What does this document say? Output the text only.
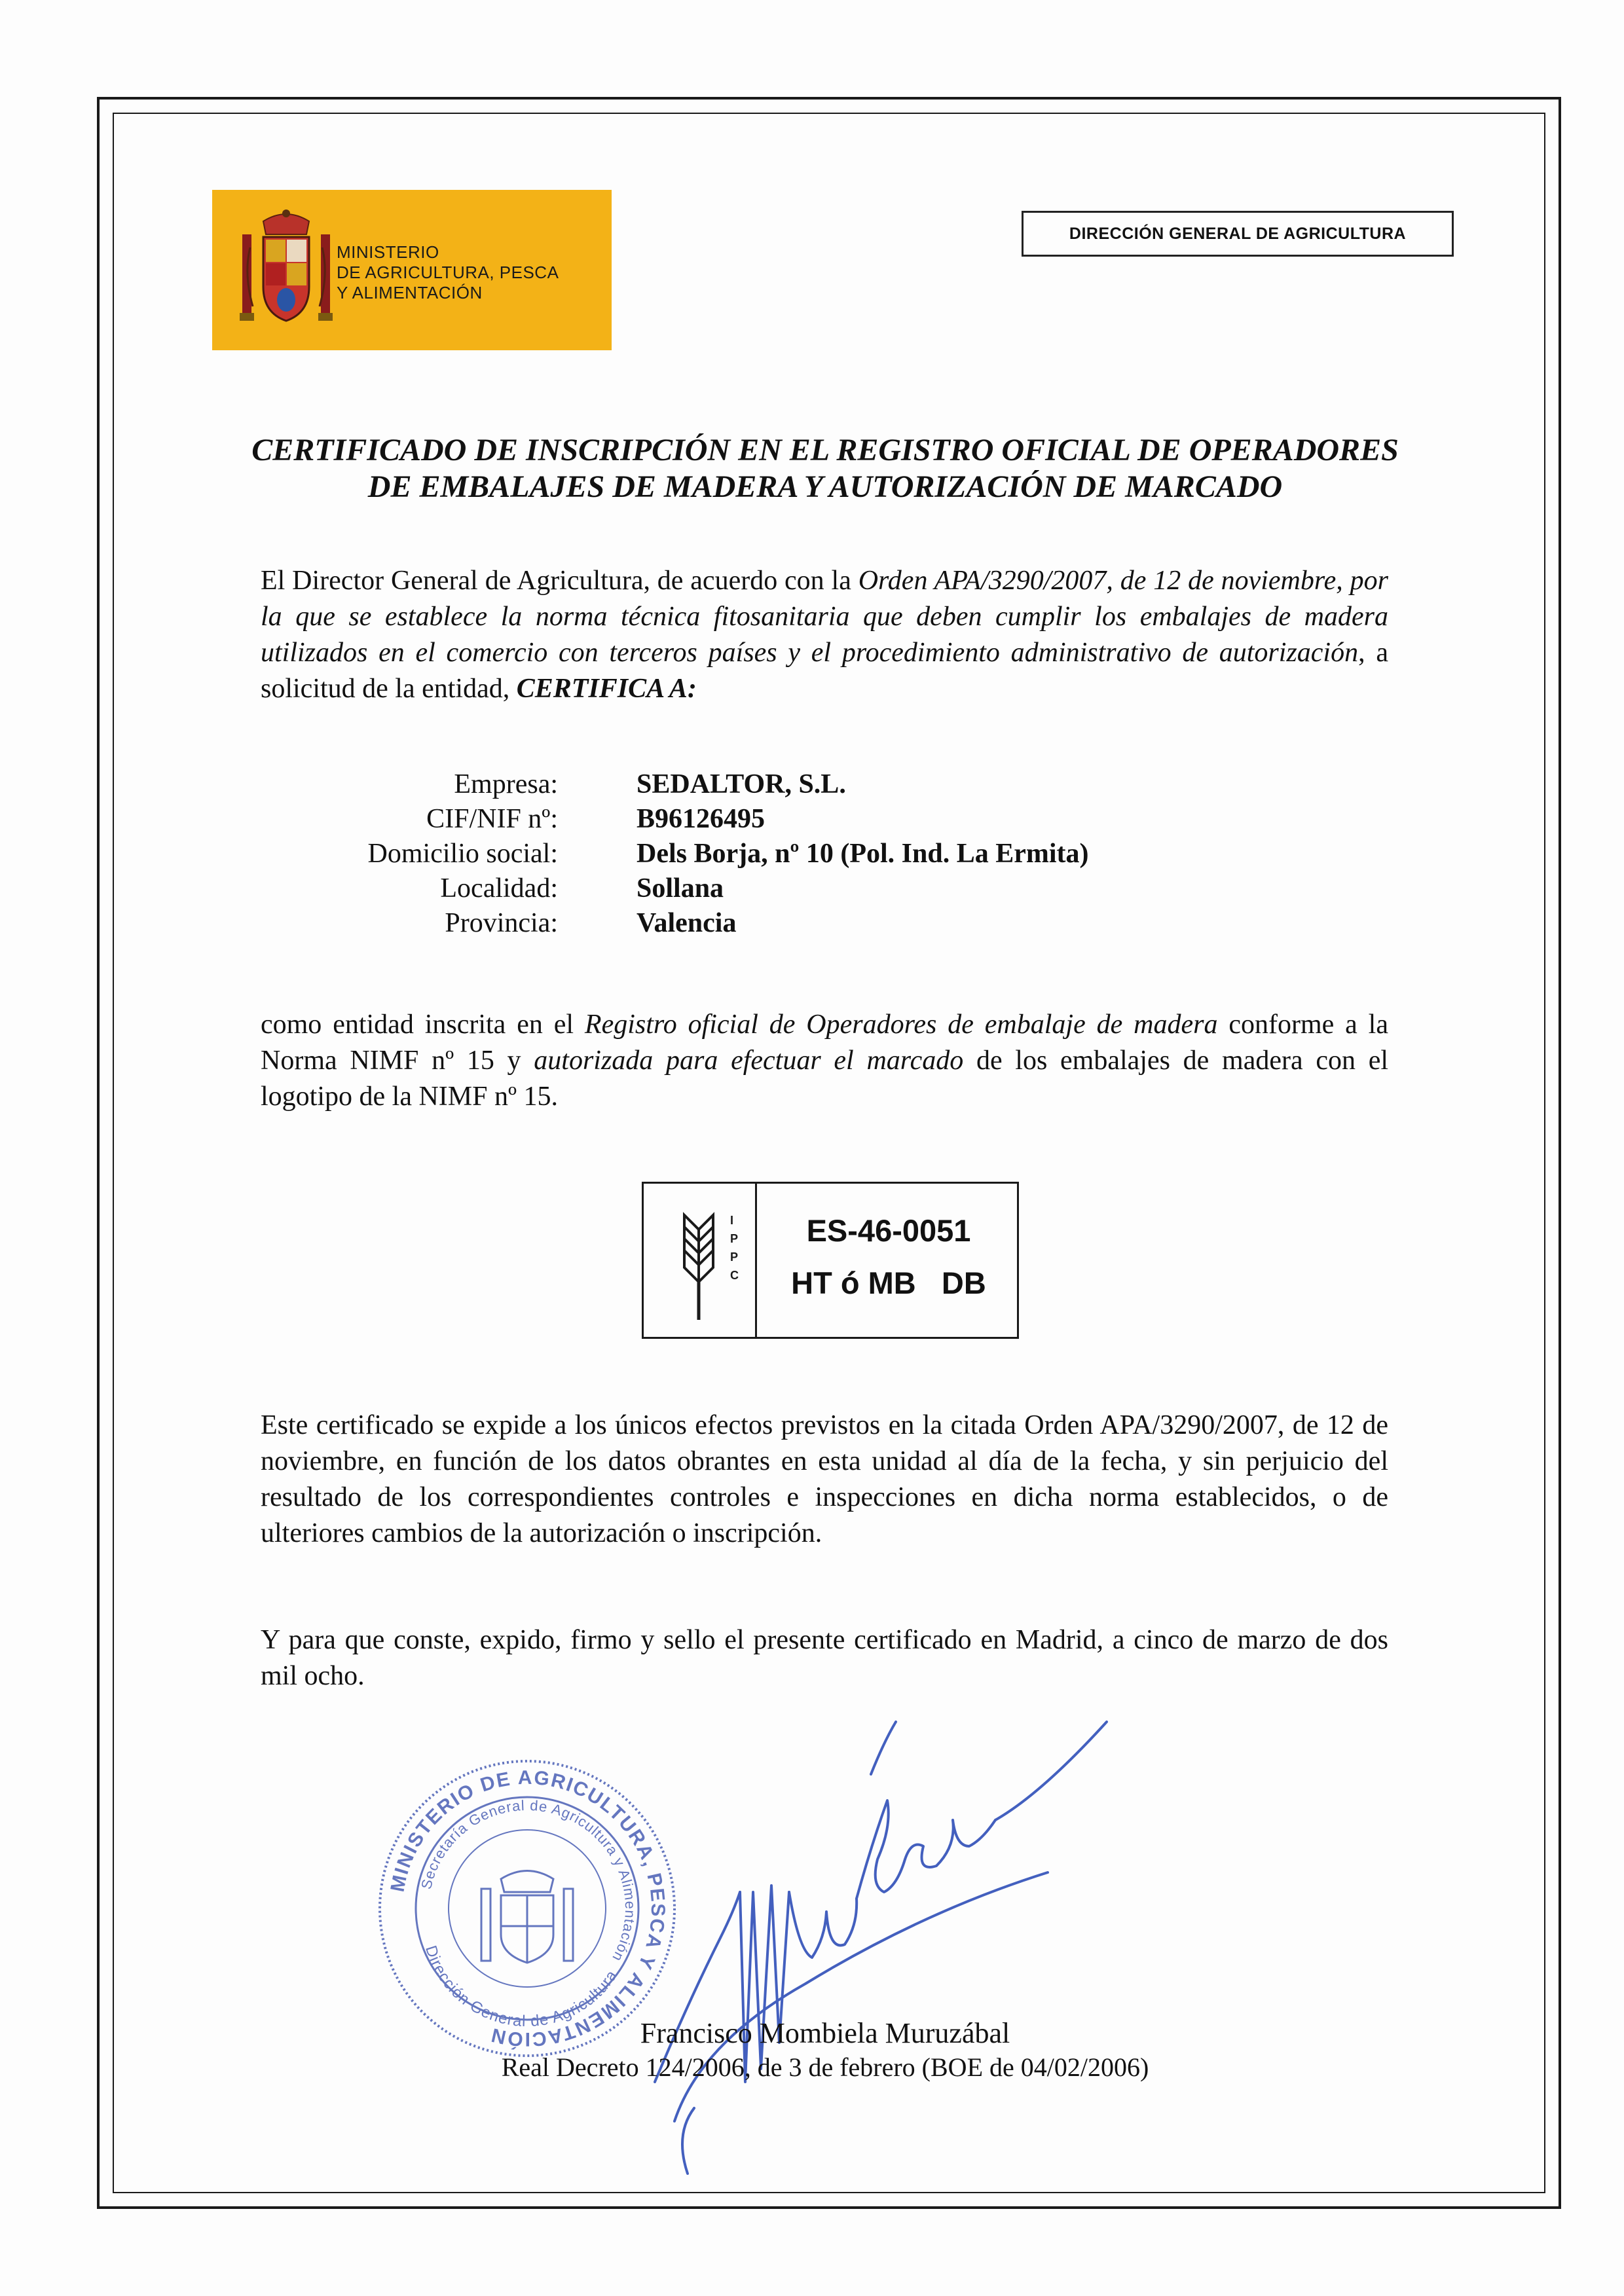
MINISTERIO
DE AGRICULTURA, PESCA
Y ALIMENTACIÓN
DIRECCIÓN GENERAL DE AGRICULTURA
CERTIFICADO DE INSCRIPCIÓN EN EL REGISTRO OFICIAL DE OPERADORES
DE EMBALAJES DE MADERA Y AUTORIZACIÓN DE MARCADO
El Director General de Agricultura, de acuerdo con la Orden APA/3290/2007, de 12 de noviembre, por la que se establece la norma técnica fitosanitaria que deben cumplir los embalajes de madera utilizados en el comercio con terceros países y el procedimiento administrativo de autorización, a solicitud de la entidad, CERTIFICA A:
Empresa:	SEDALTOR, S.L.
CIF/NIF nº:	B96126495
Domicilio social:	Dels Borja, nº 10 (Pol. Ind. La Ermita)
Localidad:	Sollana
Provincia:	Valencia
como entidad inscrita en el Registro oficial de Operadores de embalaje de madera conforme a la Norma NIMF nº 15 y autorizada para efectuar el marcado de los embalajes de madera con el logotipo de la NIMF nº 15.
I
P
P
C
ES-46-0051
HT ó MB   DB
Este certificado se expide a los únicos efectos previstos en la citada Orden APA/3290/2007, de 12 de noviembre, en función de los datos obrantes en esta unidad al día de la fecha, y sin perjuicio del resultado de los correspondientes controles e inspecciones en dicha norma establecidos, o de ulteriores cambios de la autorización o inscripción.
Y para que conste, expido, firmo y sello el presente certificado en Madrid, a cinco de marzo de dos mil ocho.
MINISTERIO DE AGRICULTURA, PESCA Y ALIMENTACIÓN
Secretaría General de Agricultura y Alimentación
Dirección General de Agricultura
Francisco Mombiela Muruzábal
Real Decreto 124/2006, de 3 de febrero (BOE de 04/02/2006)
